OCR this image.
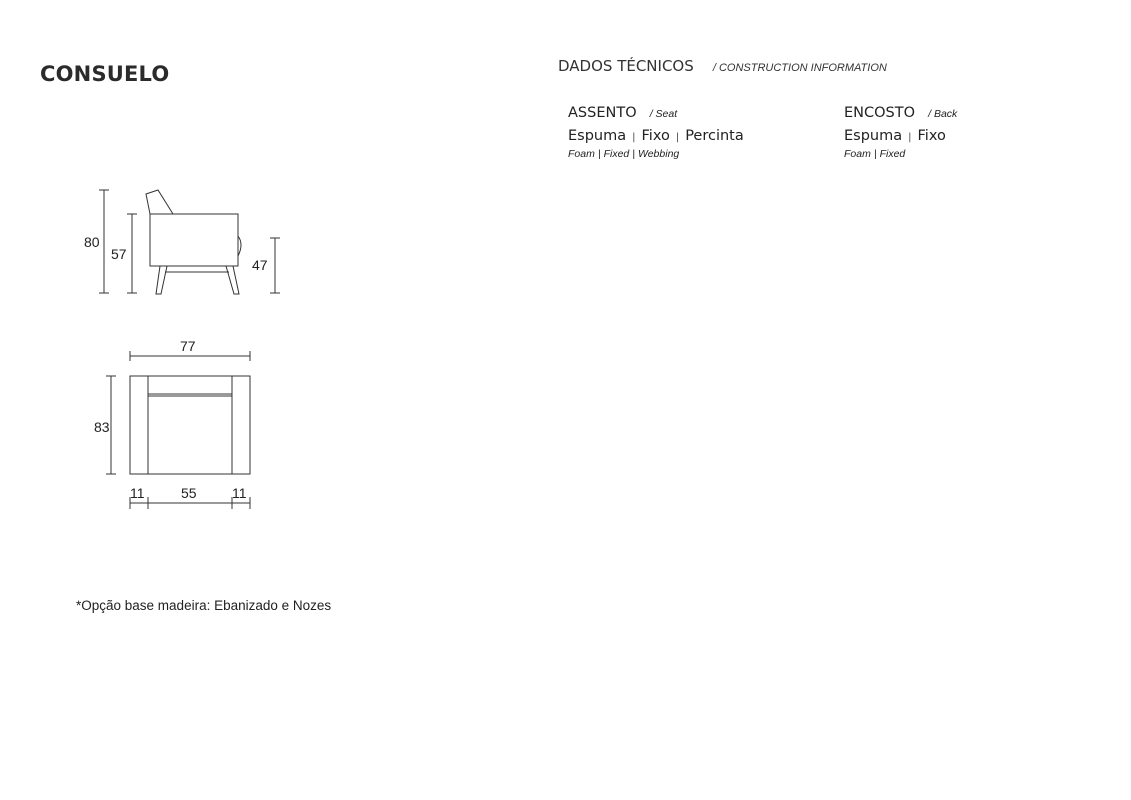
CONSUELO	DADOS TÉCNICOS / CONSTRUCTION INFORMATION
ASSENTO / Seat
Espuma | Fixo | Percinta
Foam | Fixed | Webbing
ENCOSTO / Back
Espuma | Fixo
Foam | Fixed
80
57
47
77
83
11	55	11
*Opção base madeira: Ebanizado e Nozes
